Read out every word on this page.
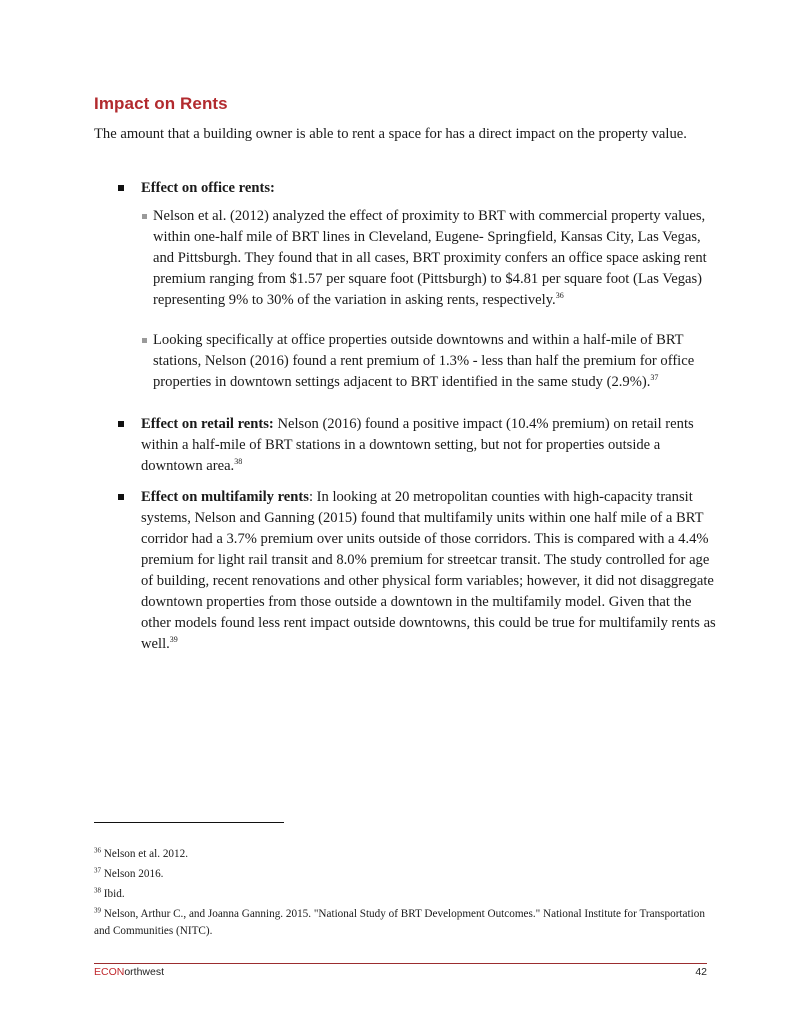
Impact on Rents

The amount that a building owner is able to rent a space for has a direct impact on the property value.

Effect on office rents:
Nelson et al. (2012) analyzed the effect of proximity to BRT with commercial property values, within one-half mile of BRT lines in Cleveland, Eugene- Springfield, Kansas City, Las Vegas, and Pittsburgh. They found that in all cases, BRT proximity confers an office space asking rent premium ranging from $1.57 per square foot (Pittsburgh) to $4.81 per square foot (Las Vegas) representing 9% to 30% of the variation in asking rents, respectively.$^{36}$
Looking specifically at office properties outside downtowns and within a half-mile of BRT stations, Nelson (2016) found a rent premium of 1.3% - less than half the premium for office properties in downtown settings adjacent to BRT identified in the same study (2.9%).$^{37}$
Effect on retail rents: Nelson (2016) found a positive impact (10.4% premium) on retail rents within a half-mile of BRT stations in a downtown setting, but not for properties outside a downtown area.$^{38}$
Effect on multifamily rents: In looking at 20 metropolitan counties with high-capacity transit systems, Nelson and Ganning (2015) found that multifamily units within one half mile of a BRT corridor had a 3.7% premium over units outside of those corridors. This is compared with a 4.4% premium for light rail transit and 8.0% premium for streetcar transit. The study controlled for age of building, recent renovations and other physical form variables; however, it did not disaggregate downtown properties from those outside a downtown in the multifamily model. Given that the other models found less rent impact outside downtowns, this could be true for multifamily rents as well.$^{39}$
$^{36}$ Nelson et al. 2012.
$^{37}$ Nelson 2016.
$^{38}$ Ibid.
$^{39}$ Nelson, Arthur C., and Joanna Ganning. 2015. "National Study of BRT Development Outcomes." National Institute for Transportation and Communities (NITC).
ECONorthwest	42
